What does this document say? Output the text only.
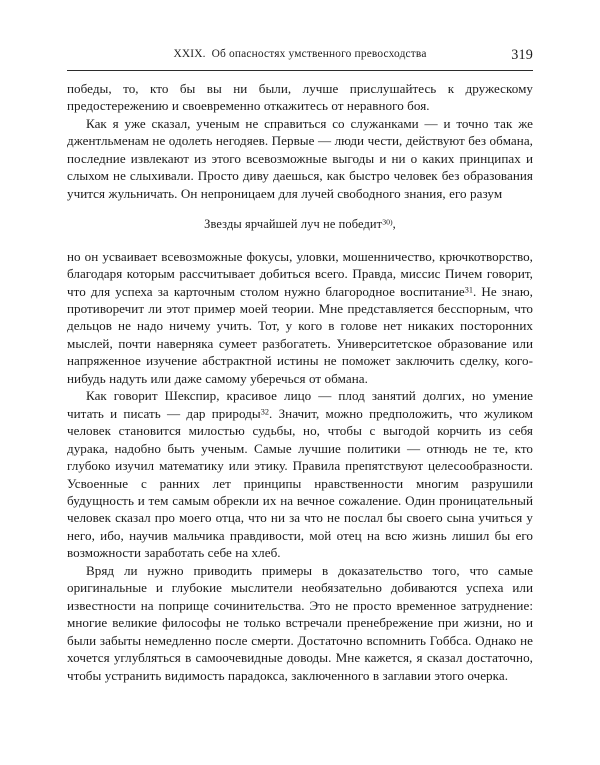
XXIX. Об опасностях умственного превосходства	319

победы, то, кто бы вы ни были, лучше прислушайтесь к дружескому предостережению и своевременно откажитесь от неравного боя.

Как я уже сказал, ученым не справиться со служанками — и точно так же джентльменам не одолеть негодяев. Первые — люди чести, действуют без обмана, последние извлекают из этого всевозможные выгоды и ни о каких принципах и слыхом не слыхивали. Просто диву даешься, как быстро человек без образования учится жульничать. Он непроницаем для лучей свободного знания, его разум

Звезды ярчайшей луч не победит$^{30)}$,

но он усваивает всевозможные фокусы, уловки, мошенничество, крючкотворство, благодаря которым рассчитывает добиться всего. Правда, миссис Пичем говорит, что для успеха за карточным столом нужно благородное воспитание$^{31}$. Не знаю, противоречит ли этот пример моей теории. Мне представляется бесспорным, что дельцов не надо ничему учить. Тот, у кого в голове нет никаких посторонних мыслей, почти наверняка сумеет разбогатеть. Университетское образование или напряженное изучение абстрактной истины не поможет заключить сделку, кого-нибудь надуть или даже самому уберечься от обмана.

Как говорит Шекспир, красивое лицо — плод занятий долгих, но умение читать и писать — дар природы$^{32}$. Значит, можно предположить, что жуликом человек становится милостью судьбы, но, чтобы с выгодой корчить из себя дурака, надобно быть ученым. Самые лучшие политики — отнюдь не те, кто глубоко изучил математику или этику. Правила препятствуют целесообразности. Усвоенные с ранних лет принципы нравственности многим разрушили будущность и тем самым обрекли их на вечное сожаление. Один проницательный человек сказал про моего отца, что ни за что не послал бы своего сына учиться у него, ибо, научив мальчика правдивости, мой отец на всю жизнь лишил бы его возможности заработать себе на хлеб.

Вряд ли нужно приводить примеры в доказательство того, что самые оригинальные и глубокие мыслители необязательно добиваются успеха или известности на поприще сочинительства. Это не просто временное затруднение: многие великие философы не только встречали пренебрежение при жизни, но и были забыты немедленно после смерти. Достаточно вспомнить Гоббса. Однако не хочется углубляться в самоочевидные доводы. Мне кажется, я сказал достаточно, чтобы устранить видимость парадокса, заключенного в заглавии этого очерка.
